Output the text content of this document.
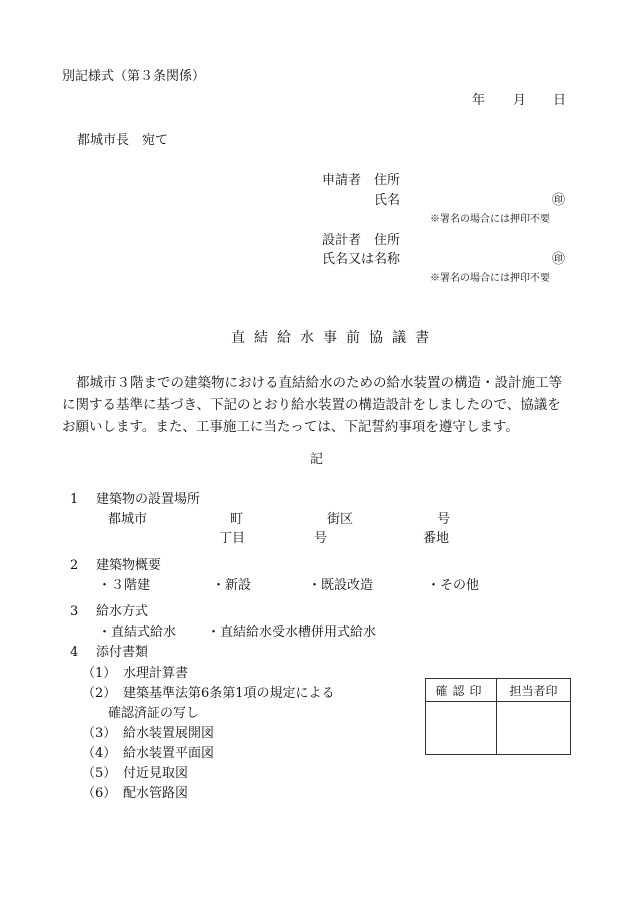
別記様式（第３条関係）
年 月 日
都城市長　宛て
申請者 住所
氏名	㊞
※署名の場合には押印不要
設計者 住所
氏名又は名称	㊞
※署名の場合には押印不要
直結給水事前協議書
都城市３階までの建築物における直結給水のための給水装置の構造・設計施工等
に関する基準に基づき、下記のとおり給水装置の構造設計をしましたので、協議を
お願いします。また、工事施工に当たっては、下記誓約事項を遵守します。
記
1 建築物の設置場所
都城市	町	街区	号
丁目	号	番地
2 建築物概要
・３階建	・新設	・既設改造	・その他
3 給水方式
・直結式給水 ・直結給水受水槽併用式給水
4 添付書類
（1） 水理計算書
（2） 建築基準法第6条第1項の規定による
確認済証の写し
（3） 給水装置展開図
（4） 給水装置平面図
（5） 付近見取図
（6） 配水管路図
確認印	担当者印
